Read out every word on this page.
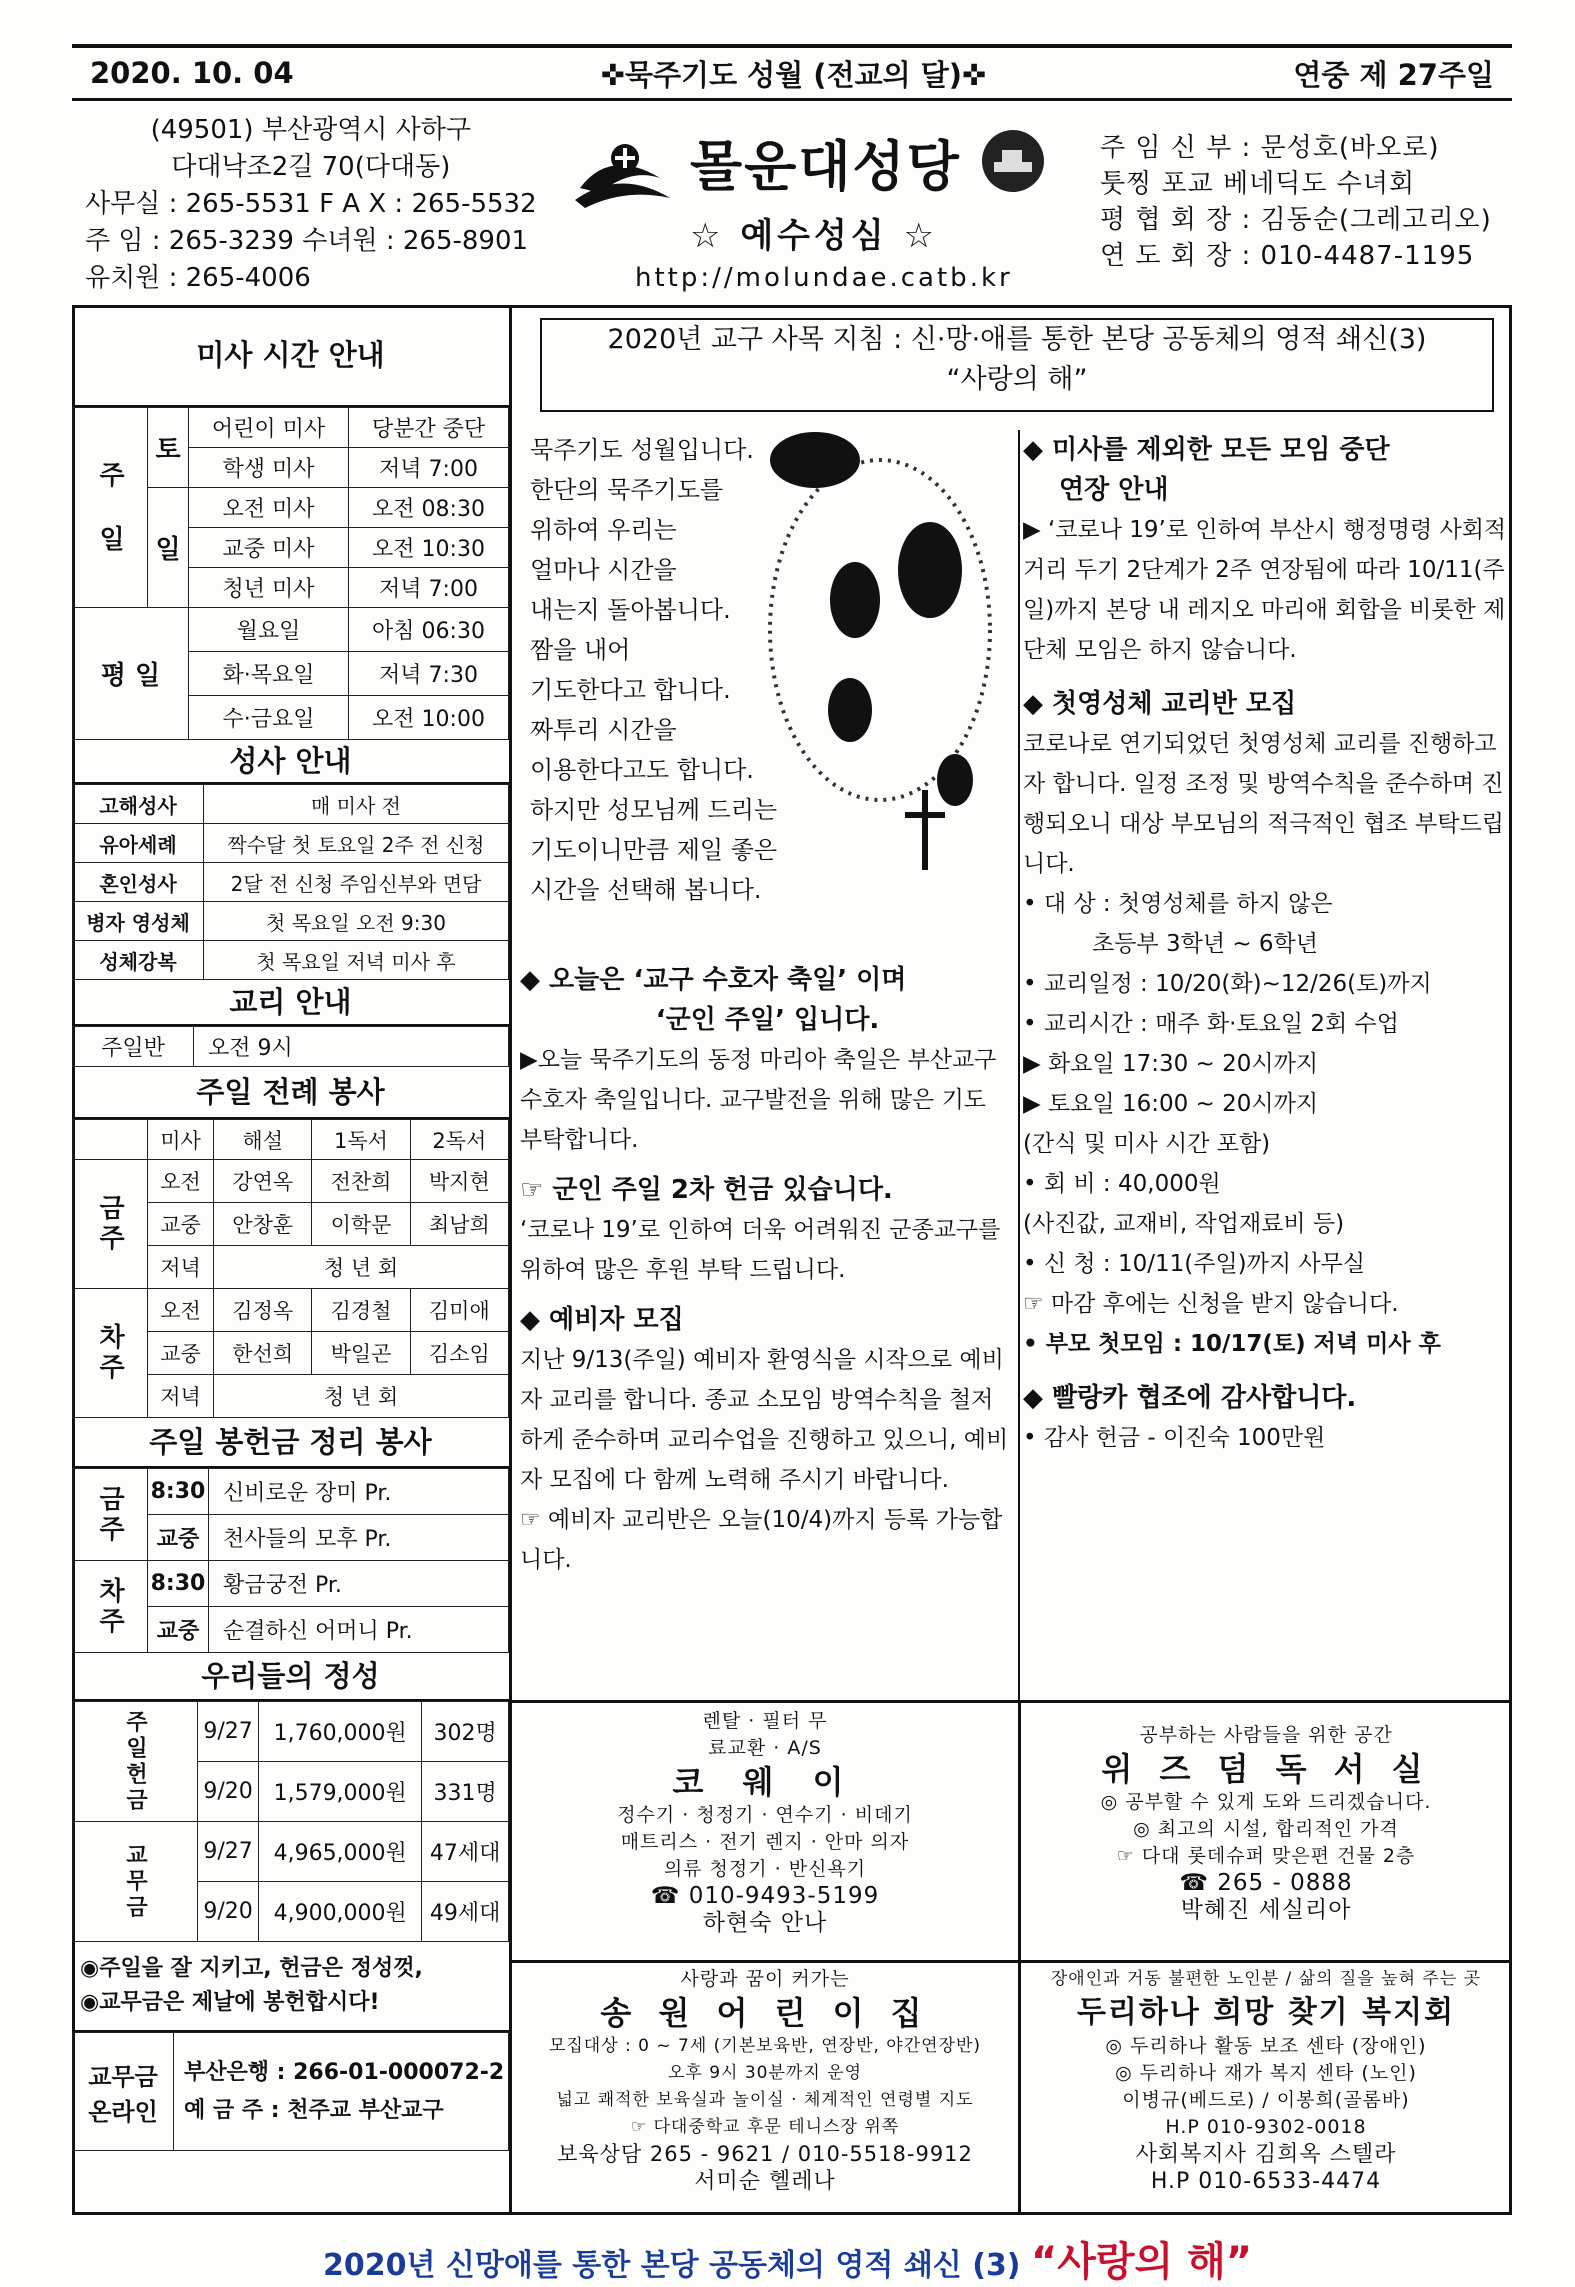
2020. 10. 04	✜묵주기도 성월 (전교의 달)✜	연중 제 27주일
(49501) 부산광역시 사하구
다대낙조2길 70(다대동)
사무실 : 265-5531 F A X : 265-5532
주 임 : 265-3239 수녀원 : 265-8901
유치원 : 265-4006
몰운대성당
☆ 예수성심 ☆
http://molundae.catb.kr
주 임 신 부 : 문성호(바오로)
툿찡 포교 베네딕도 수녀회
평 협 회 장 : 김동순(그레고리오)
연 도 회 장 : 010-4487-1195
미사 시간 안내
주 일	토	어린이 미사	당분간 중단
		학생 미사	저녁 7:00
	일	오전 미사	오전 08:30
		교중 미사	오전 10:30
		청년 미사	저녁 7:00
평 일		월요일	아침 06:30
		화·목요일	저녁 7:30
		수·금요일	오전 10:00
성사 안내
고해성사	매 미사 전
유아세례	짝수달 첫 토요일 2주 전 신청
혼인성사	2달 전 신청 주임신부와 면담
병자 영성체	첫 목요일 오전 9:30
성체강복	첫 목요일 저녁 미사 후
교리 안내
주일반	오전 9시
주일 전례 봉사
	미사	해설	1독서	2독서
금주	오전	강연옥	전찬희	박지현
	교중	안창훈	이학문	최남희
	저녁	청 년 회		
차주	오전	김정옥	김경철	김미애
	교중	한선희	박일곤	김소임
	저녁	청 년 회		
주일 봉헌금 정리 봉사
금주	8:30	신비로운 장미 Pr.
	교중	천사들의 모후 Pr.
차주	8:30	황금궁전 Pr.
	교중	순결하신 어머니 Pr.
우리들의 정성
주일헌금	9/27	1,760,000원	302명
	9/20	1,579,000원	331명
교무금	9/27	4,965,000원	47세대
	9/20	4,900,000원	49세대
◉주일을 잘 지키고, 헌금은 정성껏,
◉교무금은 제날에 봉헌합시다!
교무금 온라인	
부산은행 : 266-01-000072-2
예 금 주 : 천주교 부산교구
2020년 교구 사목 지침 : 신·망·애를 통한 본당 공동체의 영적 쇄신(3)
“사랑의 해”
묵주기도 성월입니다.
한단의 묵주기도를
위하여 우리는
얼마나 시간을
내는지 돌아봅니다.
짬을 내어
기도한다고 합니다.
짜투리 시간을
이용한다고도 합니다.
하지만 성모님께 드리는
기도이니만큼 제일 좋은
시간을 선택해 봅니다.
◆ 오늘은 ‘교구 수호자 축일’ 이며
‘군인 주일’ 입니다.
▶오늘 묵주기도의 동정 마리아 축일은 부산교구 수호자 축일입니다. 교구발전을 위해 많은 기도 부탁합니다.
☞ 군인 주일 2차 헌금 있습니다.
‘코로나 19’로 인하여 더욱 어려워진 군종교구를 위하여 많은 후원 부탁 드립니다.
◆ 예비자 모집
지난 9/13(주일) 예비자 환영식을 시작으로 예비자 교리를 합니다. 종교 소모임 방역수칙을 철저하게 준수하며 교리수업을 진행하고 있으니, 예비자 모집에 다 함께 노력해 주시기 바랍니다.
☞ 예비자 교리반은 오늘(10/4)까지 등록 가능합니다.
◆ 미사를 제외한 모든 모임 중단
연장 안내
▶ ‘코로나 19’로 인하여 부산시 행정명령 사회적 거리 두기 2단계가 2주 연장됨에 따라 10/11(주일)까지 본당 내 레지오 마리애 회합을 비롯한 제단체 모임은 하지 않습니다.
◆ 첫영성체 교리반 모집
코로나로 연기되었던 첫영성체 교리를 진행하고자 합니다. 일정 조정 및 방역수칙을 준수하며 진행되오니 대상 부모님의 적극적인 협조 부탁드립니다.
• 대 상 : 첫영성체를 하지 않은
　　　초등부 3학년 ~ 6학년
• 교리일정 : 10/20(화)~12/26(토)까지
• 교리시간 : 매주 화·토요일 2회 수업
▶ 화요일 17:30 ~ 20시까지
▶ 토요일 16:00 ~ 20시까지
(간식 및 미사 시간 포함)
• 회 비 : 40,000원
(사진값, 교재비, 작업재료비 등)
• 신 청 : 10/11(주일)까지 사무실
☞ 마감 후에는 신청을 받지 않습니다.
• 부모 첫모임 : 10/17(토) 저녁 미사 후
◆ 빨랑카 협조에 감사합니다.
• 감사 헌금 - 이진숙 100만원
렌탈 · 필터 무
료교환 · A/S
코 웨 이
정수기 · 청정기 · 연수기 · 비데기
매트리스 · 전기 렌지 · 안마 의자
의류 청정기 · 반신욕기
☎ 010-9493-5199
하현숙 안나
공부하는 사람들을 위한 공간
위 즈 덤 독 서 실
◎ 공부할 수 있게 도와 드리겠습니다.
◎ 최고의 시설, 합리적인 가격
☞ 다대 롯데슈퍼 맞은편 건물 2층
☎ 265 - 0888
박혜진 세실리아
사랑과 꿈이 커가는
송 원 어 린 이 집
모집대상 : 0 ~ 7세 (기본보육반, 연장반, 야간연장반)
오후 9시 30분까지 운영
넓고 쾌적한 보육실과 놀이실 · 체계적인 연령별 지도
☞ 다대중학교 후문 테니스장 위쪽
보육상담 265 - 9621 / 010-5518-9912
서미순 헬레나
장애인과 거동 불편한 노인분 / 삶의 질을 높혀 주는 곳
두리하나 희망 찾기 복지회
◎ 두리하나 활동 보조 센타 (장애인)
◎ 두리하나 재가 복지 센타 (노인)
이병규(베드로) / 이봉희(골롬바)
H.P 010-9302-0018
사회복지사 김희옥 스텔라
H.P 010-6533-4474
2020년 신망애를 통한 본당 공동체의 영적 쇄신 (3) “사랑의 해”
